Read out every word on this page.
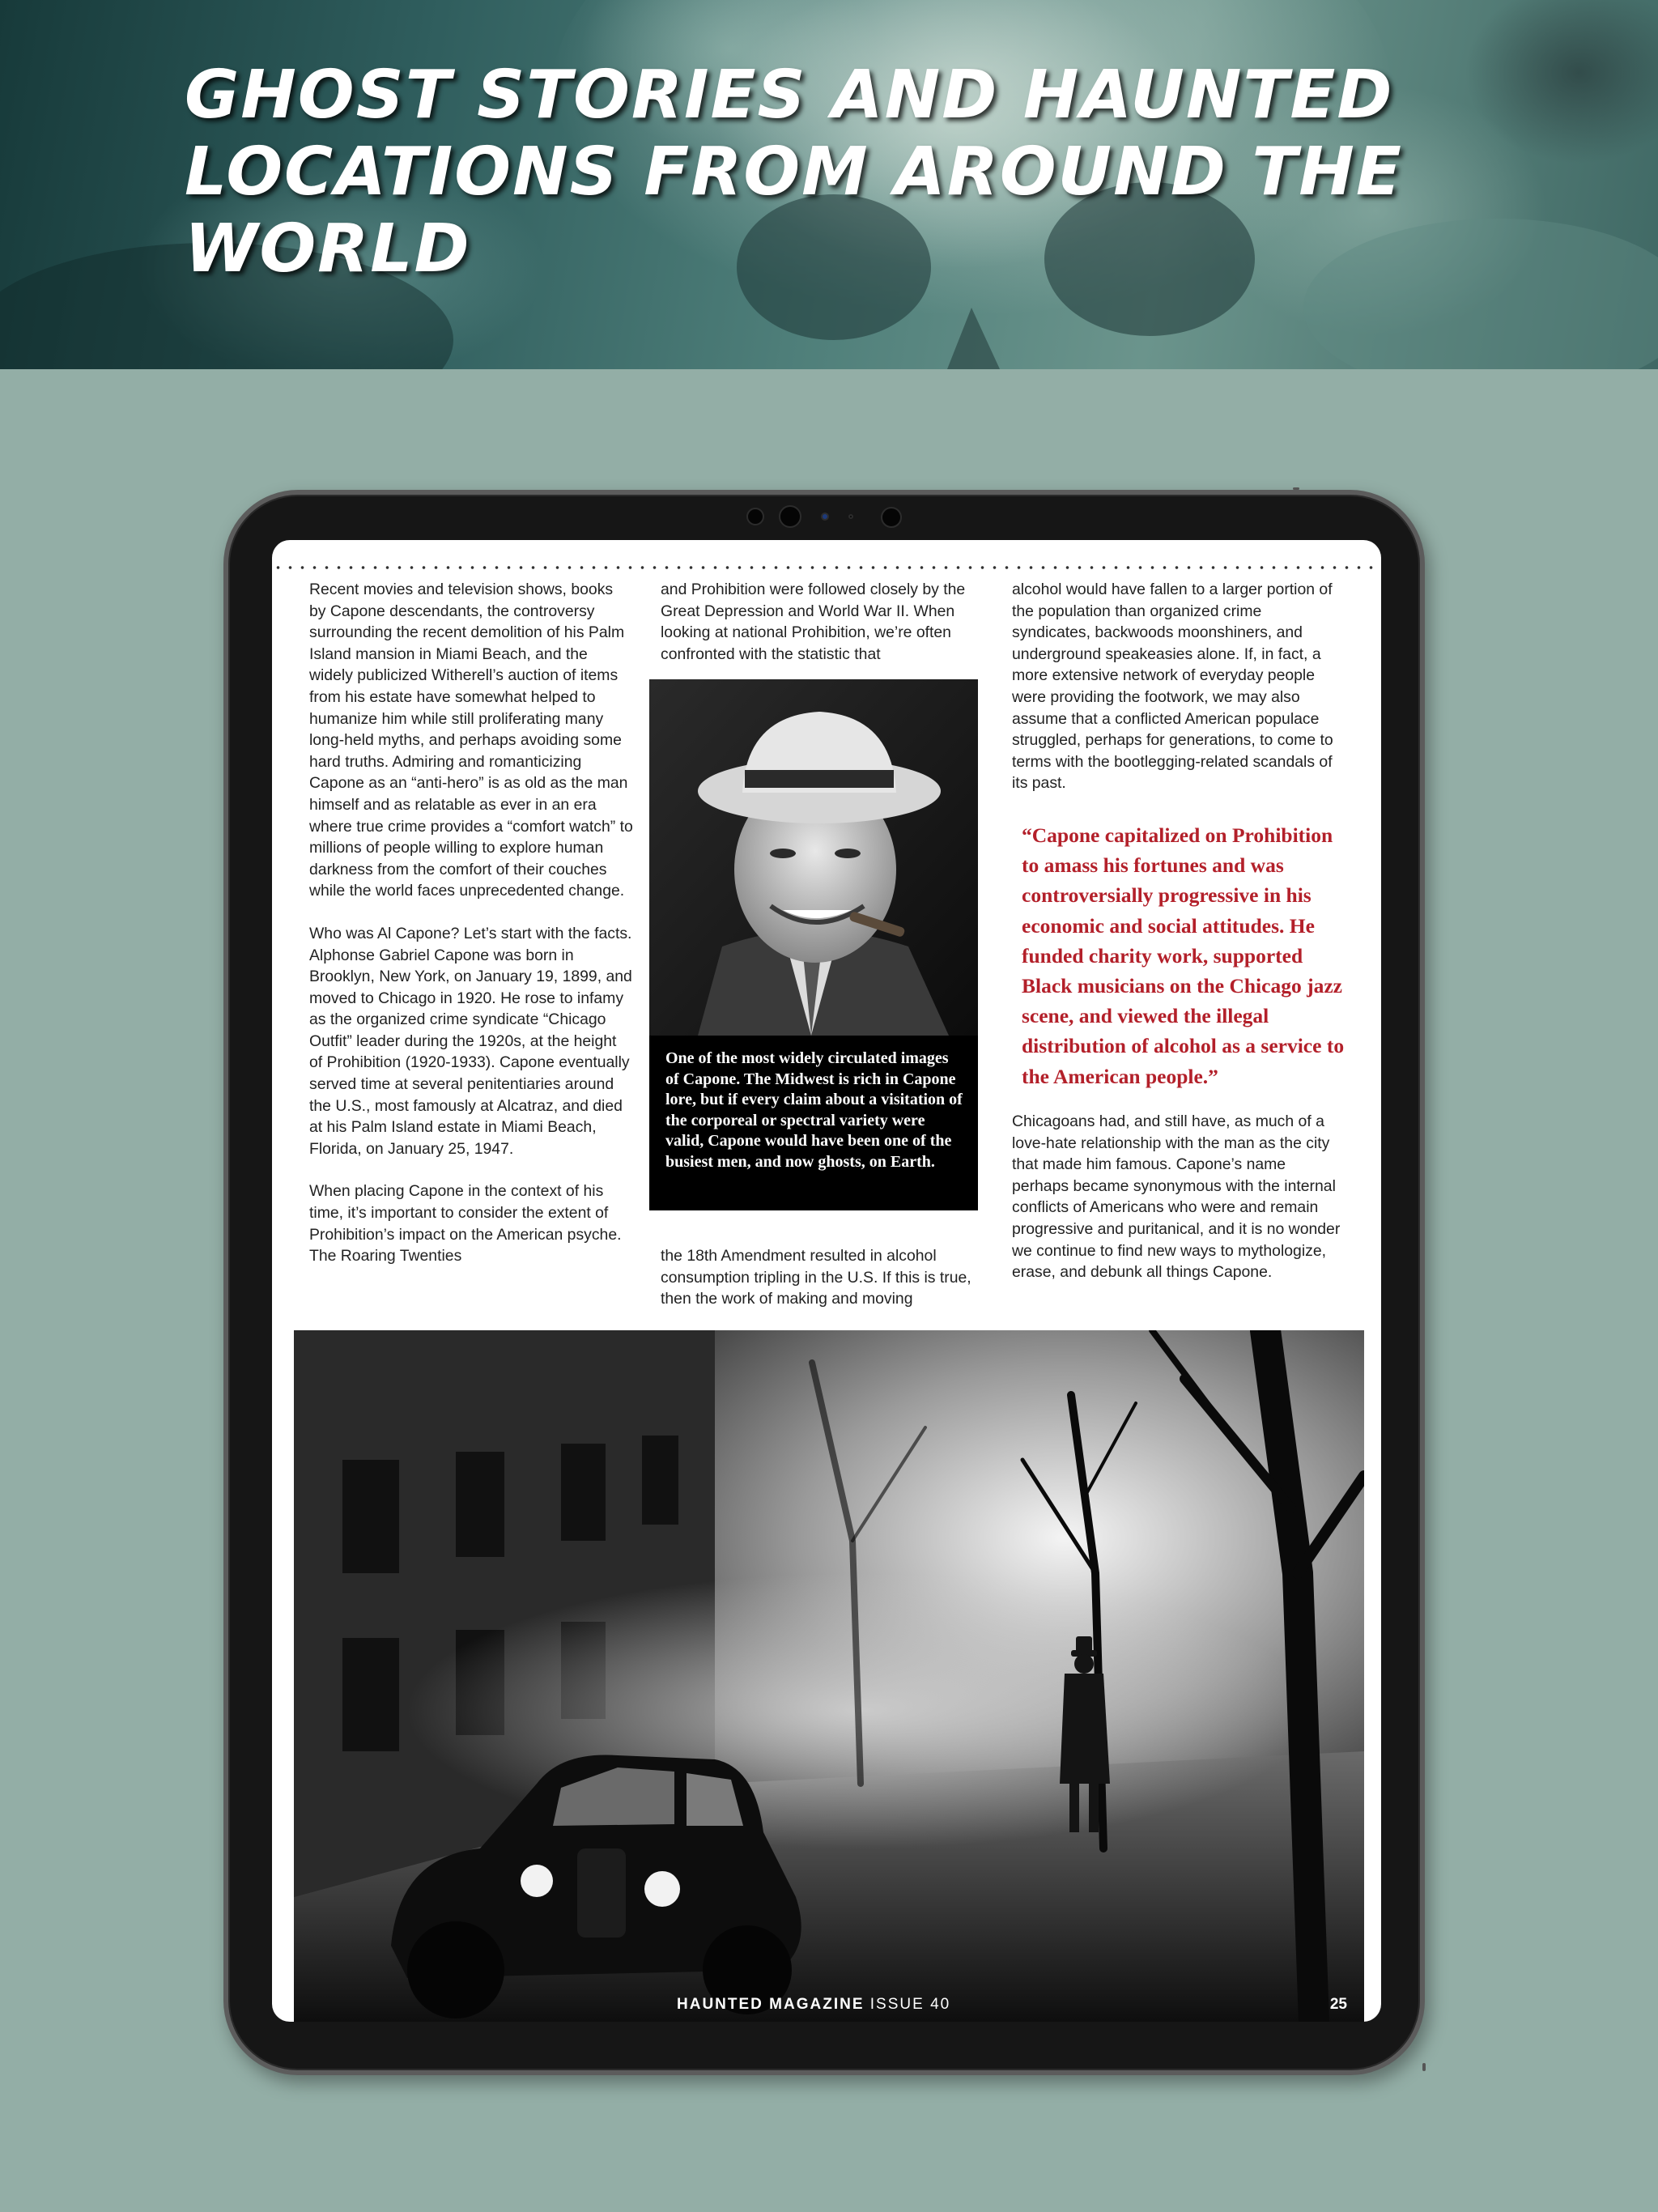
GHOST STORIES AND HAUNTED LOCATIONS FROM AROUND THE WORLD

Recent movies and television shows, books by Capone descendants, the controversy surrounding the recent demolition of his Palm Island mansion in Miami Beach, and the widely publicized Witherell’s auction of items from his estate have somewhat helped to humanize him while still proliferating many long-held myths, and perhaps avoiding some hard truths. Admiring and romanticizing Capone as an “anti-hero” is as old as the man himself and as relatable as ever in an era where true crime provides a “comfort watch” to millions of people willing to explore human darkness from the comfort of their couches while the world faces unprecedented change.

Who was Al Capone? Let’s start with the facts. Alphonse Gabriel Capone was born in Brooklyn, New York, on January 19, 1899, and moved to Chicago in 1920. He rose to infamy as the organized crime syndicate “Chicago Outfit” leader during the 1920s, at the height of Prohibition (1920-1933). Capone eventually served time at several penitentiaries around the U.S., most famously at Alcatraz, and died at his Palm Island estate in Miami Beach, Florida, on January 25, 1947.

When placing Capone in the context of his time, it’s important to consider the extent of Prohibition’s impact on the American psyche. The Roaring Twenties

and Prohibition were followed closely by the Great Depression and World War II. When looking at national Prohibition, we’re often confronted with the statistic that

One of the most widely circulated images of Capone. The Midwest is rich in Capone lore, but if every claim about a visitation of the corporeal or spectral variety were valid, Capone would have been one of the busiest men, and now ghosts, on Earth.

the 18th Amendment resulted in alcohol consumption tripling in the U.S. If this is true, then the work of making and moving

alcohol would have fallen to a larger portion of the population than organized crime syndicates, backwoods moonshiners, and underground speakeasies alone. If, in fact, a more extensive network of everyday people were providing the footwork, we may also assume that a conflicted American populace struggled, perhaps for generations, to come to terms with the bootlegging-related scandals of its past.

“Capone capitalized on Prohibition to amass his fortunes and was controversially progressive in his economic and social attitudes. He funded charity work, supported Black musicians on the Chicago jazz scene, and viewed the illegal distribution of alcohol as a service to the American people.”

Chicagoans had, and still have, as much of a love-hate relationship with the man as the city that made him famous. Capone’s name perhaps became synonymous with the internal conflicts of Americans who were and remain progressive and puritanical, and it is no wonder we continue to find new ways to mythologize, erase, and debunk all things Capone.

HAUNTED MAGAZINE ISSUE 40	25
